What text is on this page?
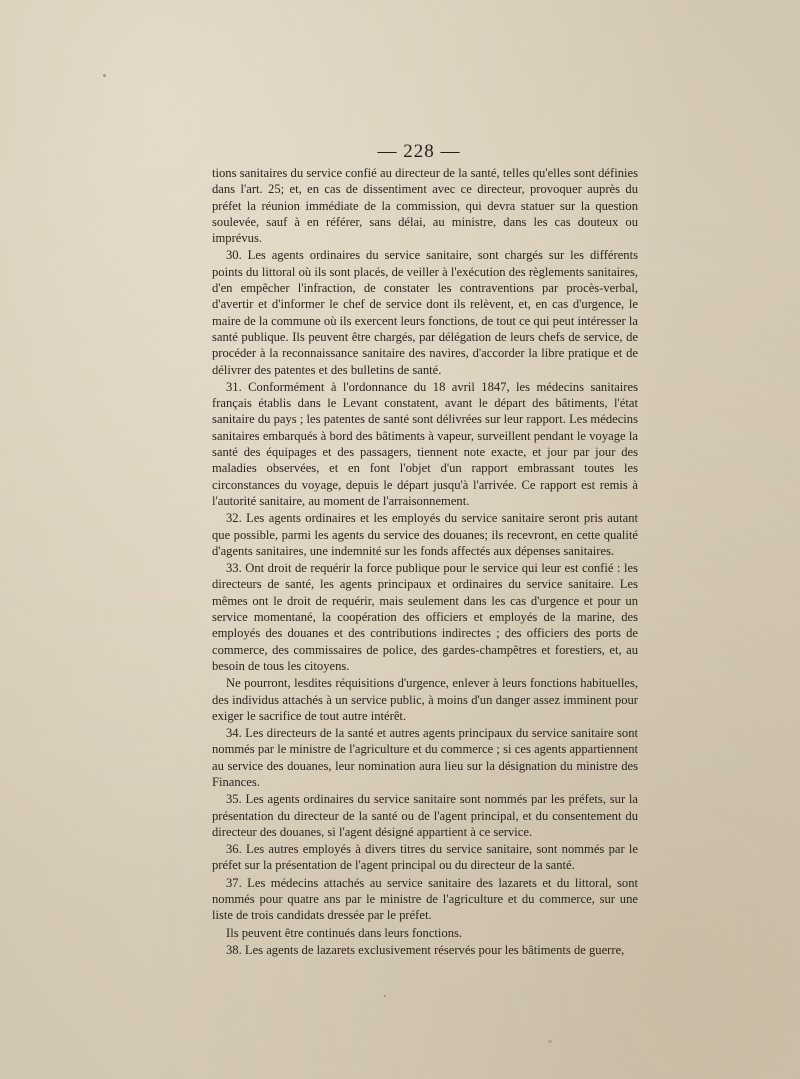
— 228 —

tions sanitaires du service confié au directeur de la santé, telles qu'elles sont définies dans l'art. 25; et, en cas de dissentiment avec ce directeur, provoquer auprès du préfet la réunion immédiate de la commission, qui devra statuer sur la question soulevée, sauf à en référer, sans délai, au ministre, dans les cas douteux ou imprévus.

30. Les agents ordinaires du service sanitaire, sont chargés sur les différents points du littoral où ils sont placés, de veiller à l'exécution des règlements sanitaires, d'en empêcher l'infraction, de constater les contraventions par procès-verbal, d'avertir et d'informer le chef de service dont ils relèvent, et, en cas d'urgence, le maire de la commune où ils exercent leurs fonctions, de tout ce qui peut intéresser la santé publique. Ils peuvent être chargés, par délégation de leurs chefs de service, de procéder à la reconnaissance sanitaire des navires, d'accorder la libre pratique et de délivrer des patentes et des bulletins de santé.

31. Conformément à l'ordonnance du 18 avril 1847, les médecins sanitaires français établis dans le Levant constatent, avant le départ des bâtiments, l'état sanitaire du pays ; les patentes de santé sont délivrées sur leur rapport. Les médecins sanitaires embarqués à bord des bâtiments à vapeur, surveillent pendant le voyage la santé des équipages et des passagers, tiennent note exacte, et jour par jour des maladies observées, et en font l'objet d'un rapport embrassant toutes les circonstances du voyage, depuis le départ jusqu'à l'arrivée. Ce rapport est remis à l'autorité sanitaire, au moment de l'arraisonnement.

32. Les agents ordinaires et les employés du service sanitaire seront pris autant que possible, parmi les agents du service des douanes; ils recevront, en cette qualité d'agents sanitaires, une indemnité sur les fonds affectés aux dépenses sanitaires.

33. Ont droit de requérir la force publique pour le service qui leur est confié : les directeurs de santé, les agents principaux et ordinaires du service sanitaire. Les mêmes ont le droit de requérir, mais seulement dans les cas d'urgence et pour un service momentané, la coopération des officiers et employés de la marine, des employés des douanes et des contributions indirectes ; des officiers des ports de commerce, des commissaires de police, des gardes-champêtres et forestiers, et, au besoin de tous les citoyens.

Ne pourront, lesdites réquisitions d'urgence, enlever à leurs fonctions habituelles, des individus attachés à un service public, à moins d'un danger assez imminent pour exiger le sacrifice de tout autre intérêt.

34. Les directeurs de la santé et autres agents principaux du service sanitaire sont nommés par le ministre de l'agriculture et du commerce ; si ces agents appartiennent au service des douanes, leur nomination aura lieu sur la désignation du ministre des Finances.

35. Les agents ordinaires du service sanitaire sont nommés par les préfets, sur la présentation du directeur de la santé ou de l'agent principal, et du consentement du directeur des douanes, si l'agent désigné appartient à ce service.

36. Les autres employés à divers titres du service sanitaire, sont nommés par le préfet sur la présentation de l'agent principal ou du directeur de la santé.

37. Les médecins attachés au service sanitaire des lazarets et du littoral, sont nommés pour quatre ans par le ministre de l'agriculture et du commerce, sur une liste de trois candidats dressée par le préfet.

Ils peuvent être continués dans leurs fonctions.

38. Les agents de lazarets exclusivement réservés pour les bâtiments de guerre,
